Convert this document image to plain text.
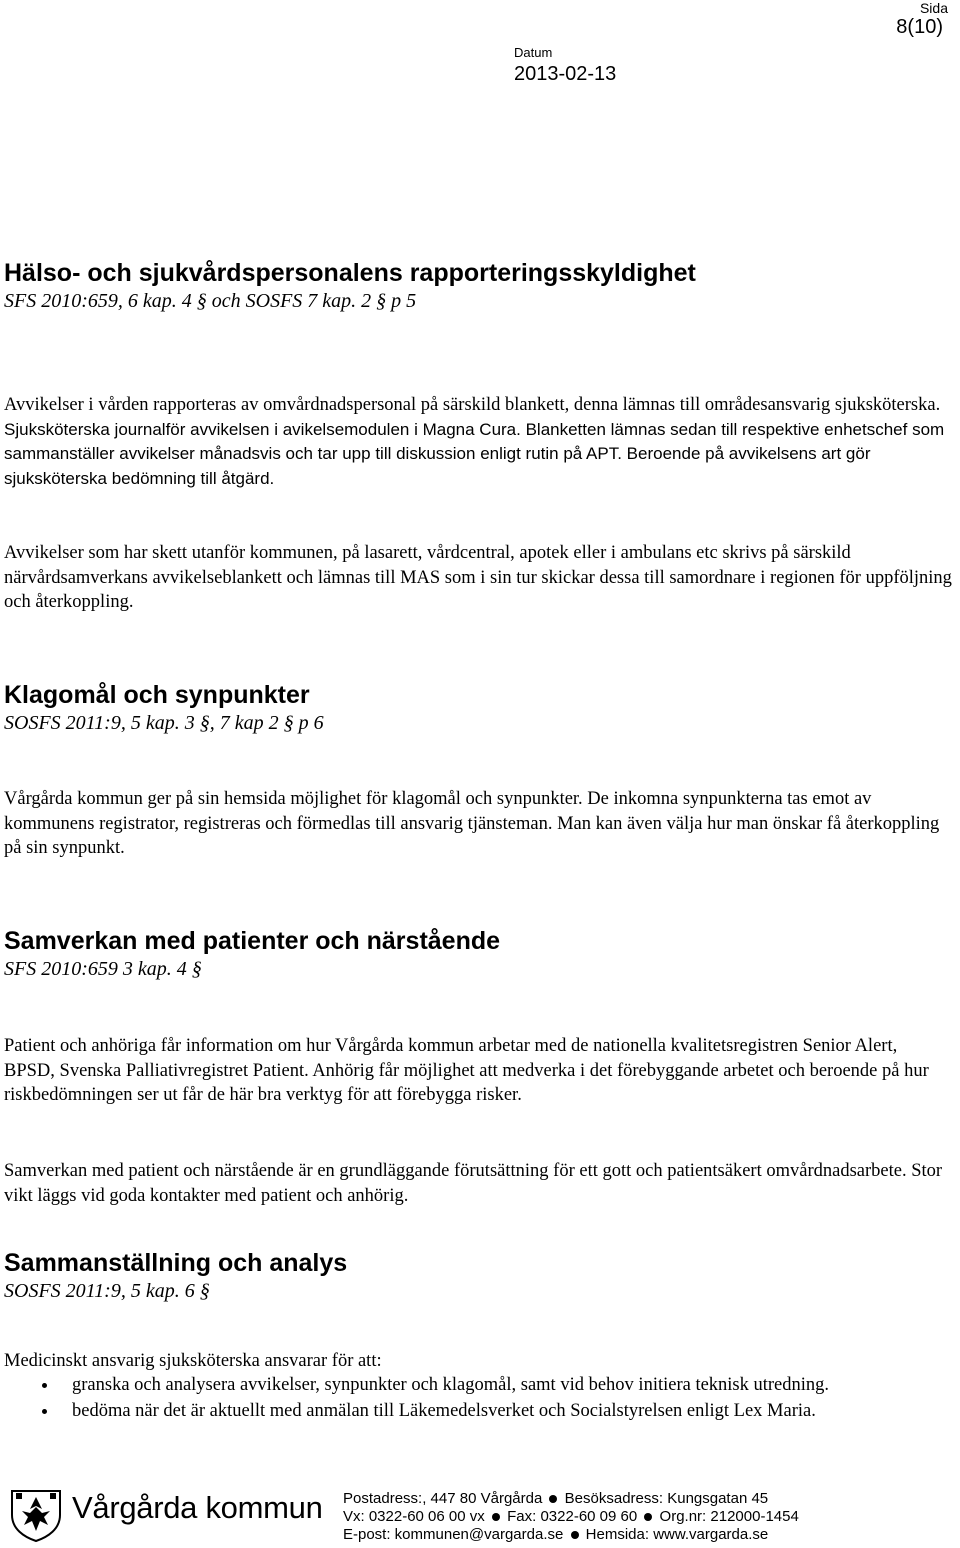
Sida
8(10)
Datum
2013-02-13
Hälso- och sjukvårdspersonalens rapporteringsskyldighet
SFS 2010:659, 6 kap. 4 § och SOSFS 7 kap. 2 § p 5
Avvikelser i vården rapporteras av omvårdnadspersonal på särskild blankett, denna lämnas till områdesansvarig sjuksköterska. Sjuksköterska journalför avvikelsen i avikelsemodulen i Magna Cura. Blanketten lämnas sedan till respektive enhetschef som sammanställer avvikelser månadsvis och tar upp till diskussion enligt rutin på APT. Beroende på avvikelsens art gör sjuksköterska bedömning till åtgärd.
Avvikelser som har skett utanför kommunen, på lasarett, vårdcentral, apotek eller i ambulans etc skrivs på särskild närvårdsamverkans avvikelseblankett och lämnas till MAS som i sin tur skickar dessa till samordnare i regionen för uppföljning och återkoppling.
Klagomål och synpunkter
SOSFS 2011:9, 5 kap. 3 §, 7 kap 2 § p 6
Vårgårda kommun ger på sin hemsida möjlighet för klagomål och synpunkter. De inkomna synpunkterna tas emot av kommunens registrator, registreras och förmedlas till ansvarig tjänsteman. Man kan även välja hur man önskar få återkoppling på sin synpunkt.
Samverkan med patienter och närstående
SFS 2010:659 3 kap. 4 §
Patient och anhöriga får information om hur Vårgårda kommun arbetar med de nationella kvalitetsregistren Senior Alert, BPSD, Svenska Palliativregistret Patient. Anhörig får möjlighet att medverka i det förebyggande arbetet och beroende på hur riskbedömningen ser ut får de här bra verktyg för att förebygga risker.
Samverkan med patient och närstående är en grundläggande förutsättning för ett gott och patientsäkert omvårdnadsarbete. Stor vikt läggs vid goda kontakter med patient och anhörig.
Sammanställning och analys
SOSFS 2011:9, 5 kap. 6 §
Medicinskt ansvarig sjuksköterska ansvarar för att:
granska och analysera avvikelser, synpunkter och klagomål, samt vid behov initiera teknisk utredning.
bedöma när det är aktuellt med anmälan till Läkemedelsverket och Socialstyrelsen enligt Lex Maria.
Vårgårda kommun Postadress:, 447 80 Vårgårda Besöksadress: Kungsgatan 45
Vx: 0322-60 06 00 vx Fax: 0322-60 09 60 Org.nr: 212000-1454
E-post: kommunen@vargarda.se Hemsida: www.vargarda.se
